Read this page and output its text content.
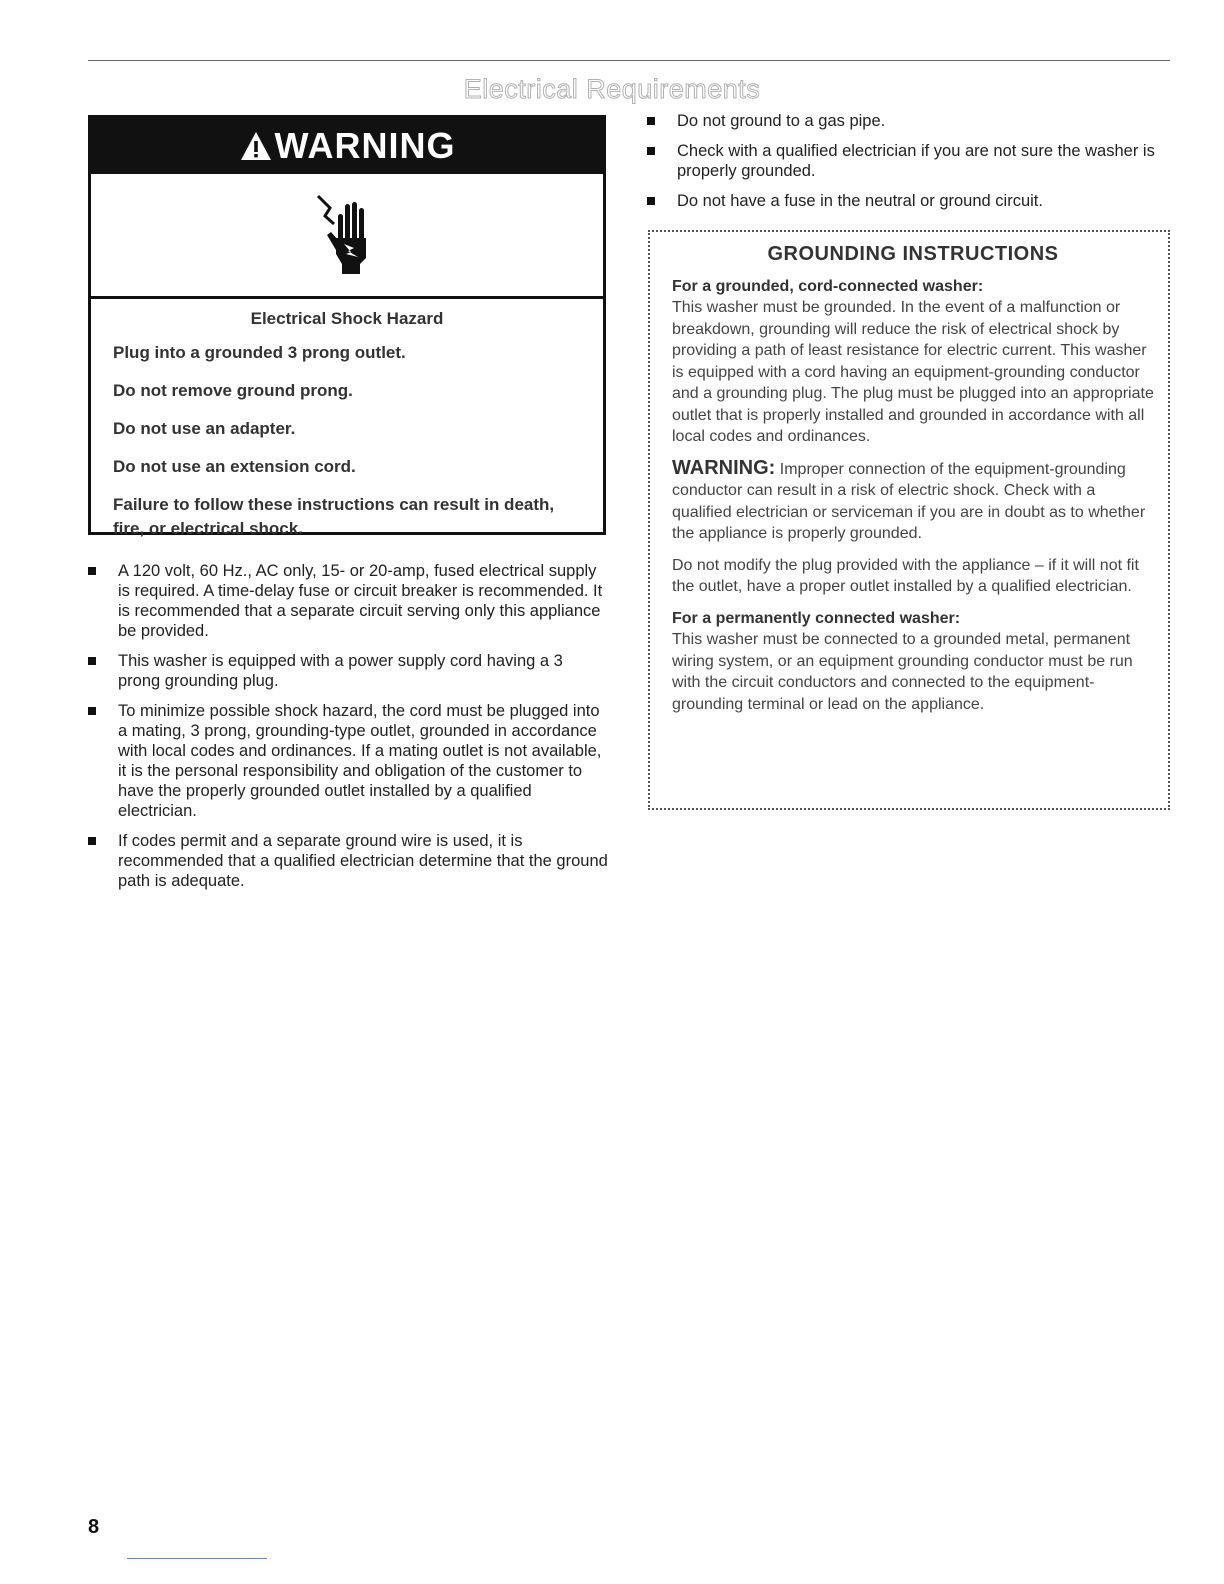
Electrical Requirements
WARNING

Electrical Shock Hazard

Plug into a grounded 3 prong outlet.

Do not remove ground prong.

Do not use an adapter.

Do not use an extension cord.

Failure to follow these instructions can result in death, fire, or electrical shock.

A 120 volt, 60 Hz., AC only, 15- or 20-amp, fused electrical supply is required. A time-delay fuse or circuit breaker is recommended. It is recommended that a separate circuit serving only this appliance be provided.
This washer is equipped with a power supply cord having a 3 prong grounding plug.
To minimize possible shock hazard, the cord must be plugged into a mating, 3 prong, grounding-type outlet, grounded in accordance with local codes and ordinances. If a mating outlet is not available, it is the personal responsibility and obligation of the customer to have the properly grounded outlet installed by a qualified electrician.
If codes permit and a separate ground wire is used, it is recommended that a qualified electrician determine that the ground path is adequate.
Do not ground to a gas pipe.
Check with a qualified electrician if you are not sure the washer is properly grounded.
Do not have a fuse in the neutral or ground circuit.

GROUNDING INSTRUCTIONS

For a grounded, cord-connected washer:

This washer must be grounded. In the event of a malfunction or breakdown, grounding will reduce the risk of electrical shock by providing a path of least resistance for electric current. This washer is equipped with a cord having an equipment-grounding conductor and a grounding plug. The plug must be plugged into an appropriate outlet that is properly installed and grounded in accordance with all local codes and ordinances.

WARNING: Improper connection of the equipment-grounding conductor can result in a risk of electric shock. Check with a qualified electrician or serviceman if you are in doubt as to whether the appliance is properly grounded.

Do not modify the plug provided with the appliance – if it will not fit the outlet, have a proper outlet installed by a qualified electrician.

For a permanently connected washer:

This washer must be connected to a grounded metal, permanent wiring system, or an equipment grounding conductor must be run with the circuit conductors and connected to the equipment-grounding terminal or lead on the appliance.

8
